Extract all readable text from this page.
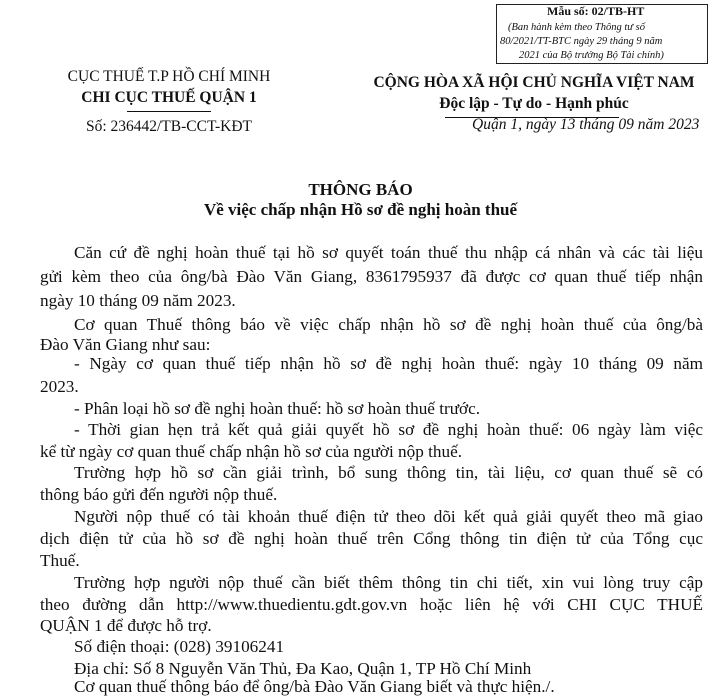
Mẫu số: 02/TB-HT
(Ban hành kèm theo Thông tư số
80/2021/TT-BTC ngày 29 tháng 9 năm
2021 của Bộ trưởng Bộ Tài chính)
CỤC THUẾ T.P HỒ CHÍ MINH
CHI CỤC THUẾ QUẬN 1
Số: 236442/TB-CCT-KĐT
CỘNG HÒA XÃ HỘI CHỦ NGHĨA VIỆT NAM
Độc lập - Tự do - Hạnh phúc
Quận 1, ngày 13 tháng 09 năm 2023
THÔNG BÁO
Về việc chấp nhận Hồ sơ đề nghị hoàn thuế
Căn cứ đề nghị hoàn thuế tại hồ sơ quyết toán thuế thu nhập cá nhân và các tài liệu
gửi kèm theo của ông/bà Đào Văn Giang, 8361795937 đã được cơ quan thuế tiếp nhận
ngày 10 tháng 09 năm 2023.
Cơ quan Thuế thông báo về việc chấp nhận hồ sơ đề nghị hoàn thuế của ông/bà
Đào Văn Giang như sau:
- Ngày cơ quan thuế tiếp nhận hồ sơ đề nghị hoàn thuế: ngày 10 tháng 09 năm
2023.
- Phân loại hồ sơ đề nghị hoàn thuế: hồ sơ hoàn thuế trước.
- Thời gian hẹn trả kết quả giải quyết hồ sơ đề nghị hoàn thuế: 06 ngày làm việc
kể từ ngày cơ quan thuế chấp nhận hồ sơ của người nộp thuế.
Trường hợp hồ sơ cần giải trình, bổ sung thông tin, tài liệu, cơ quan thuế sẽ có
thông báo gửi đến người nộp thuế.
Người nộp thuế có tài khoản thuế điện tử theo dõi kết quả giải quyết theo mã giao
dịch điện tử của hồ sơ đề nghị hoàn thuế trên Cổng thông tin điện tử của Tổng cục
Thuế.
Trường hợp người nộp thuế cần biết thêm thông tin chi tiết, xin vui lòng truy cập
theo đường dẫn http://www.thuedientu.gdt.gov.vn hoặc liên hệ với CHI CỤC THUẾ
QUẬN 1 để được hỗ trợ.
Số điện thoại: (028) 39106241
Địa chỉ: Số 8 Nguyễn Văn Thủ, Đa Kao, Quận 1, TP Hồ Chí Minh
Cơ quan thuế thông báo để ông/bà Đào Văn Giang biết và thực hiện./.
